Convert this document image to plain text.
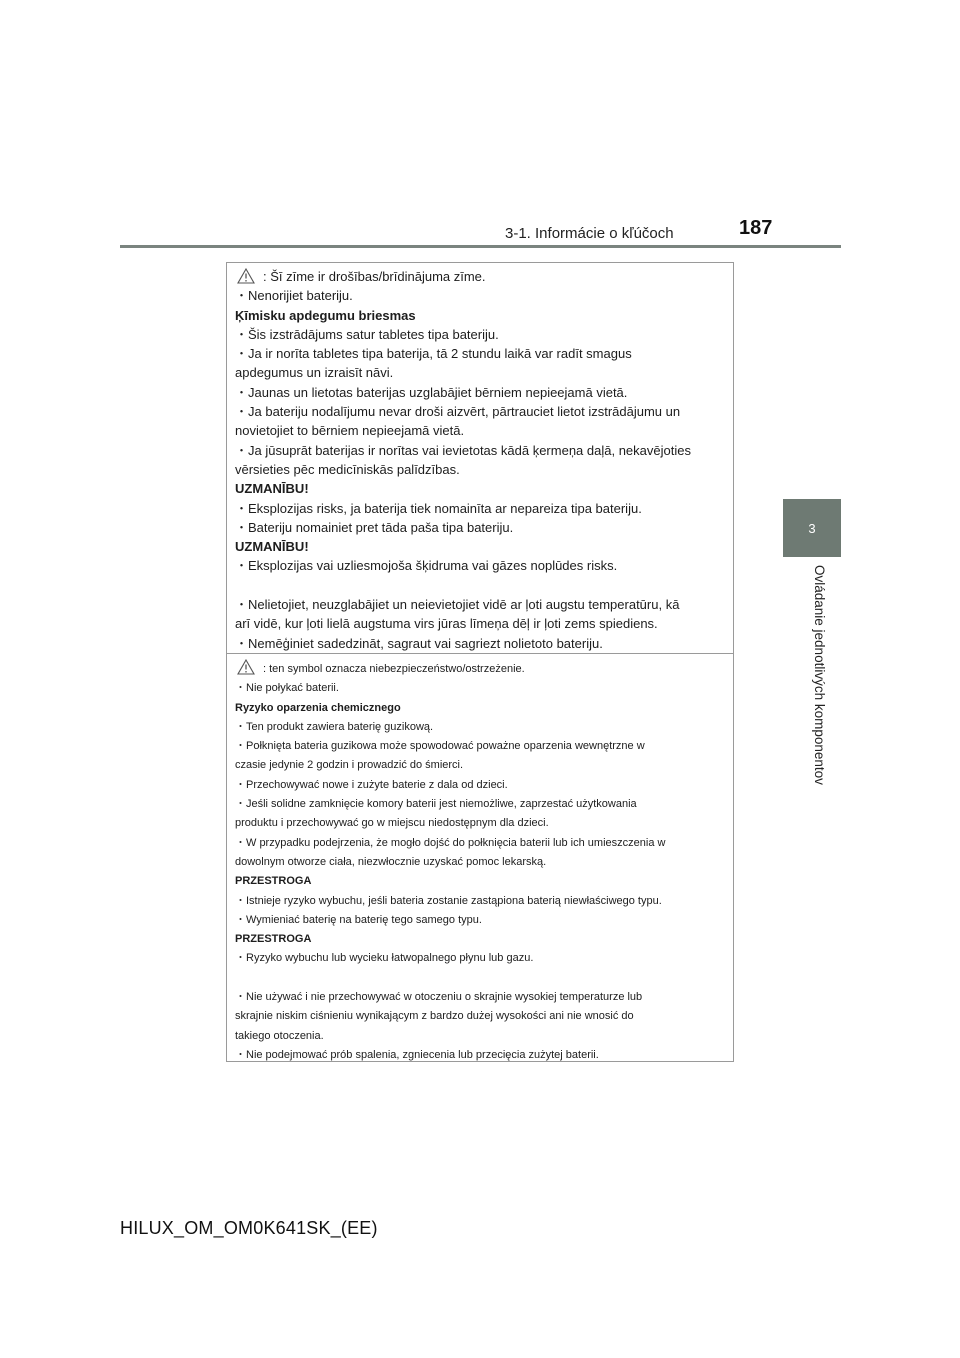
3-1. Informácie o kľúčoch	187
3
Ovládanie jednotlivých komponentov
: Šī zīme ir drošības/brīdinājuma zīme.
・Nenorijiet bateriju.
Ķīmisku apdegumu briesmas
・Šis izstrādājums satur tabletes tipa bateriju.
・Ja ir norīta tabletes tipa baterija, tā 2 stundu laikā var radīt smagus
apdegumus un izraisīt nāvi.
・Jaunas un lietotas baterijas uzglabājiet bērniem nepieejamā vietā.
・Ja bateriju nodalījumu nevar droši aizvērt, pārtrauciet lietot izstrādājumu un
novietojiet to bērniem nepieejamā vietā.
・Ja jūsuprāt baterijas ir norītas vai ievietotas kādā ķermeņa daļā, nekavējoties
vērsieties pēc medicīniskās palīdzības.
UZMANĪBU!
・Eksplozijas risks, ja baterija tiek nomainīta ar nepareiza tipa bateriju.
・Bateriju nomainiet pret tāda paša tipa bateriju.
UZMANĪBU!
・Eksplozijas vai uzliesmojoša šķidruma vai gāzes noplūdes risks.
・Nelietojiet, neuzglabājiet un neievietojiet vidē ar ļoti augstu temperatūru, kā
arī vidē, kur ļoti lielā augstuma virs jūras līmeņa dēļ ir ļoti zems spiediens.
・Nemēģiniet sadedzināt, sagraut vai sagriezt nolietoto bateriju.
: ten symbol oznacza niebezpieczeństwo/ostrzeżenie.
・Nie połykać baterii.
Ryzyko oparzenia chemicznego
・Ten produkt zawiera baterię guzikową.
・Połknięta bateria guzikowa może spowodować poważne oparzenia wewnętrzne w
czasie jedynie 2 godzin i prowadzić do śmierci.
・Przechowywać nowe i zużyte baterie z dala od dzieci.
・Jeśli solidne zamknięcie komory baterii jest niemożliwe, zaprzestać użytkowania
produktu i przechowywać go w miejscu niedostępnym dla dzieci.
・W przypadku podejrzenia, że mogło dojść do połknięcia baterii lub ich umieszczenia w
dowolnym otworze ciała, niezwłocznie uzyskać pomoc lekarską.
PRZESTROGA
・Istnieje ryzyko wybuchu, jeśli bateria zostanie zastąpiona baterią niewłaściwego typu.
・Wymieniać baterię na baterię tego samego typu.
PRZESTROGA
・Ryzyko wybuchu lub wycieku łatwopalnego płynu lub gazu.
・Nie używać i nie przechowywać w otoczeniu o skrajnie wysokiej temperaturze lub
skrajnie niskim ciśnieniu wynikającym z bardzo dużej wysokości ani nie wnosić do
takiego otoczenia.
・Nie podejmować prób spalenia, zgniecenia lub przecięcia zużytej baterii.
HILUX_OM_OM0K641SK_(EE)
